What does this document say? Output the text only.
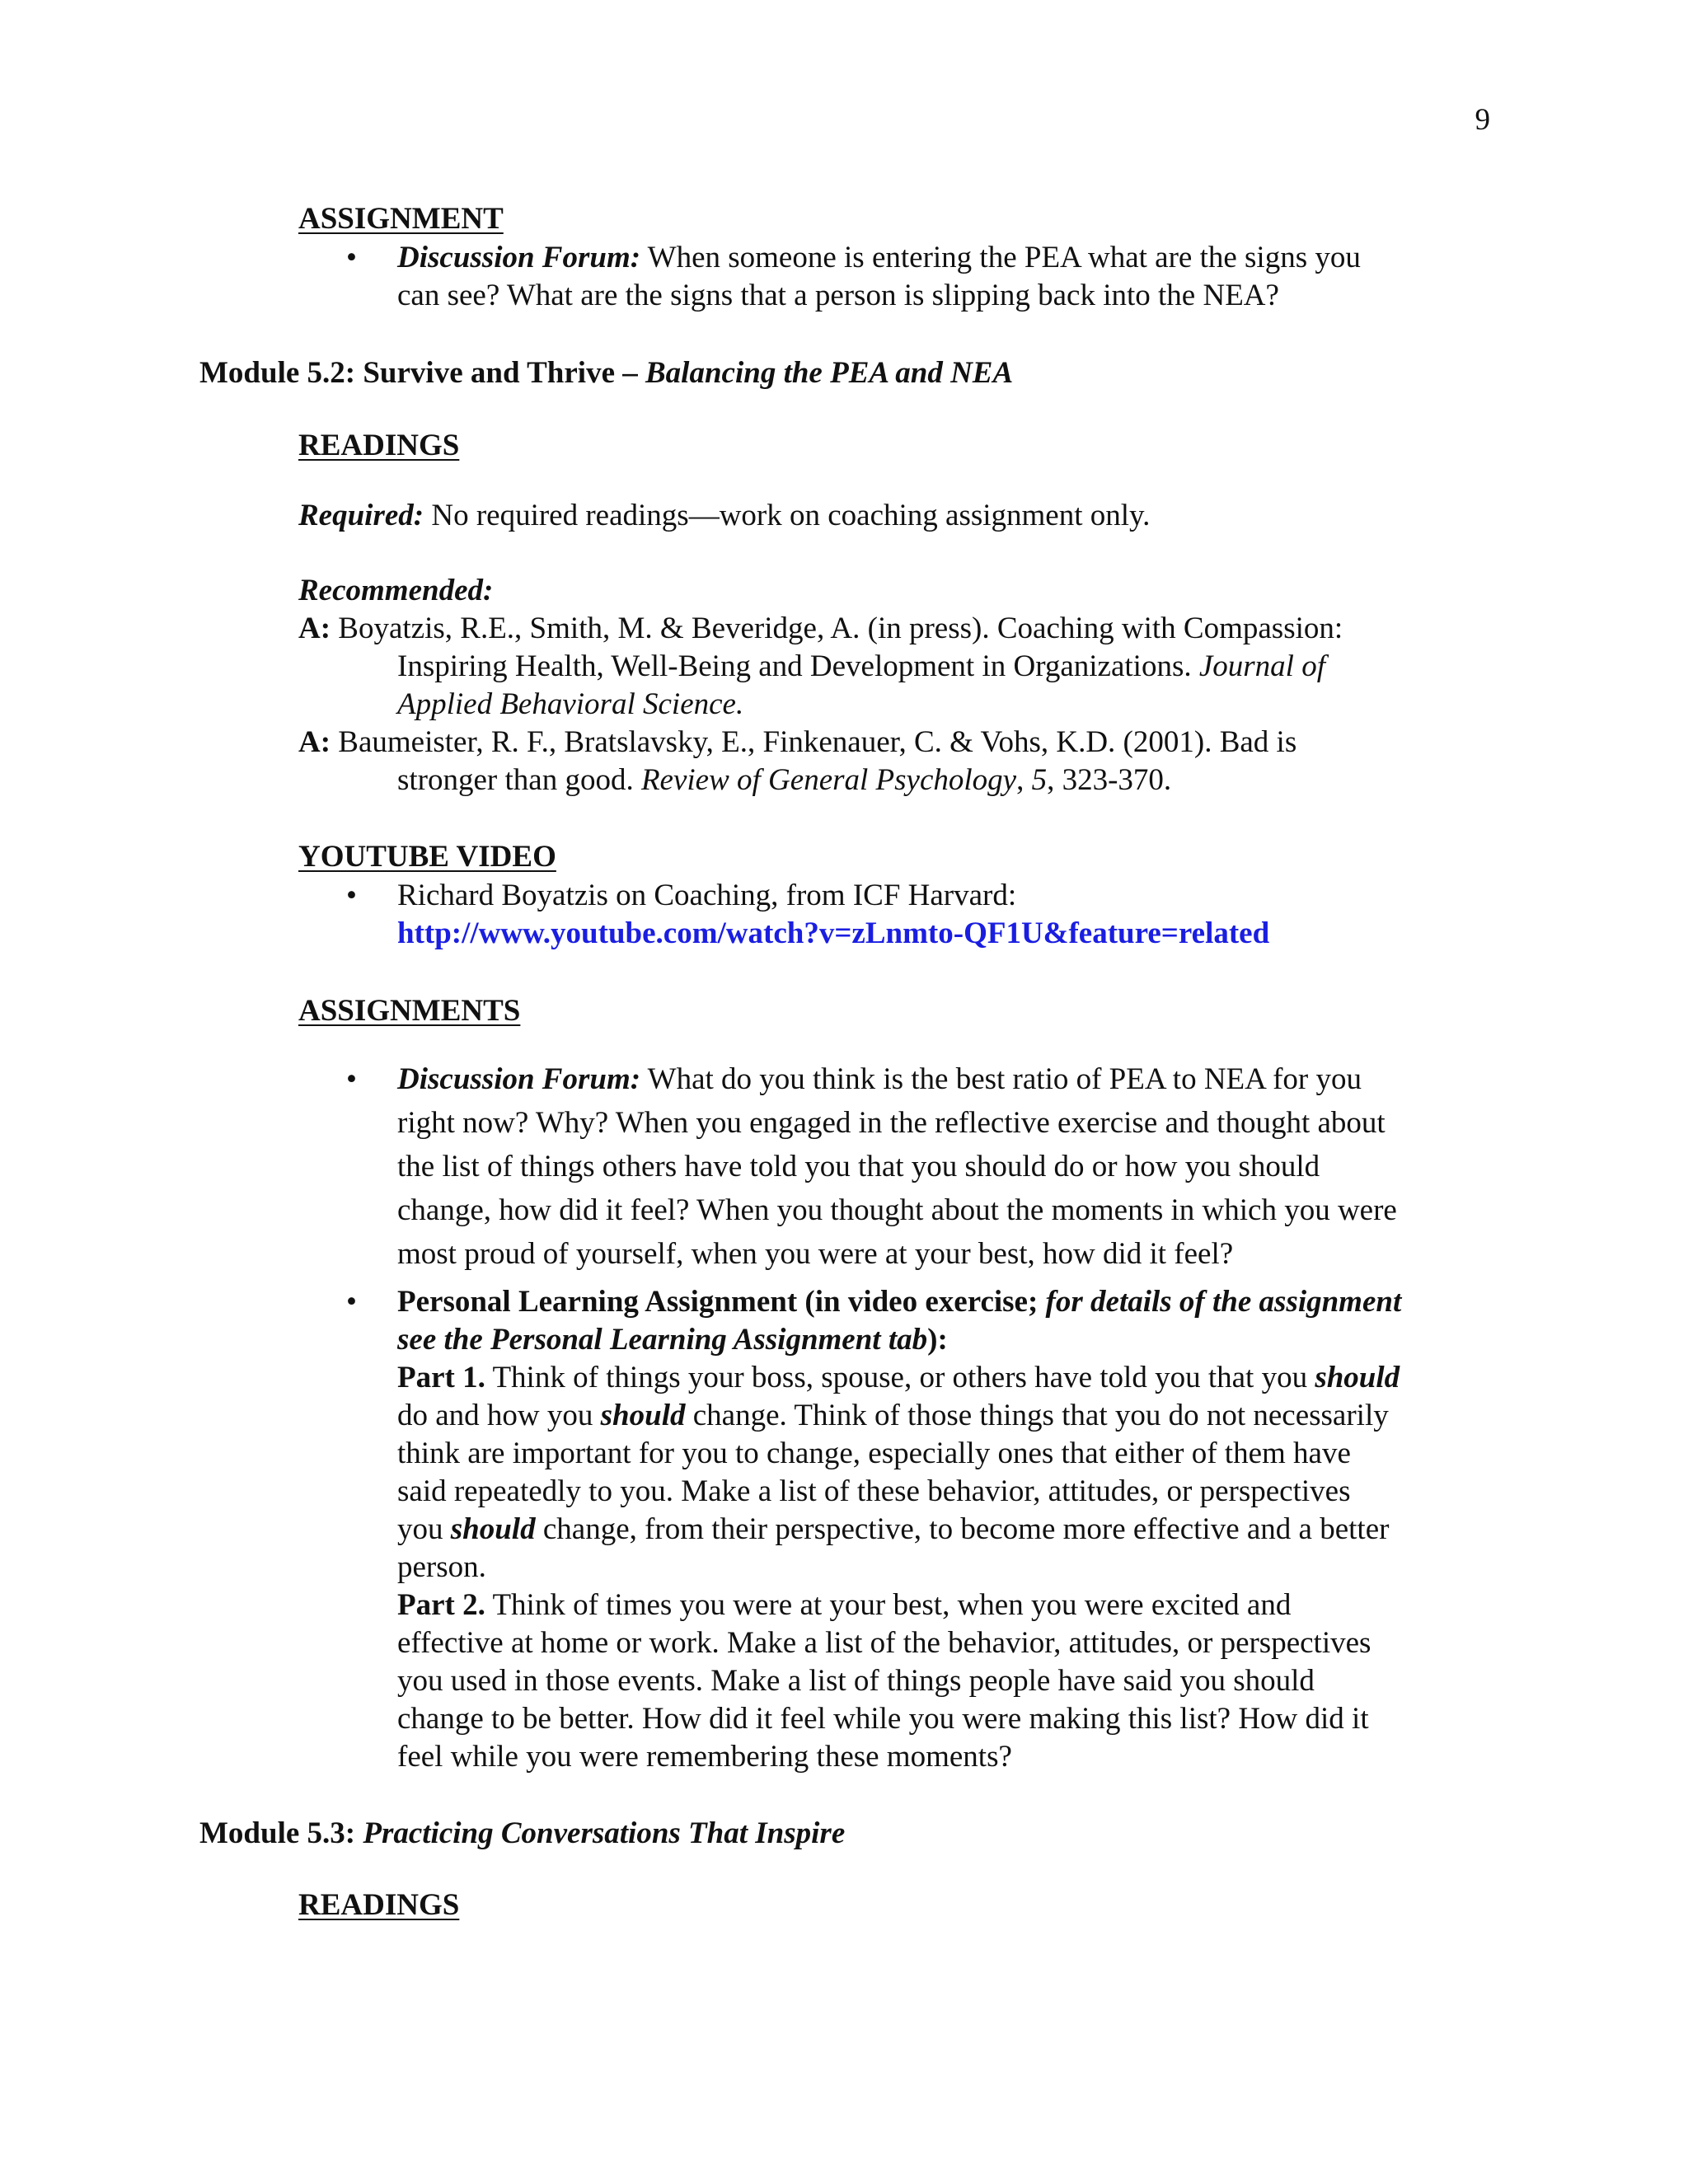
9
ASSIGNMENT
• Discussion Forum: When someone is entering the PEA what are the signs you
can see? What are the signs that a person is slipping back into the NEA?
Module 5.2: Survive and Thrive – Balancing the PEA and NEA
READINGS
Required: No required readings—work on coaching assignment only.
Recommended:
A: Boyatzis, R.E., Smith, M. & Beveridge, A. (in press). Coaching with Compassion:
Inspiring Health, Well-Being and Development in Organizations. Journal of
Applied Behavioral Science.
A: Baumeister, R. F., Bratslavsky, E., Finkenauer, C. & Vohs, K.D. (2001). Bad is
stronger than good. Review of General Psychology, 5, 323-370.
YOUTUBE VIDEO
• Richard Boyatzis on Coaching, from ICF Harvard:
http://www.youtube.com/watch?v=zLnmto-QF1U&feature=related
ASSIGNMENTS
• Discussion Forum: What do you think is the best ratio of PEA to NEA for you
right now? Why? When you engaged in the reflective exercise and thought about
the list of things others have told you that you should do or how you should
change, how did it feel? When you thought about the moments in which you were
most proud of yourself, when you were at your best, how did it feel?
• Personal Learning Assignment (in video exercise; for details of the assignment
see the Personal Learning Assignment tab):
Part 1. Think of things your boss, spouse, or others have told you that you should
do and how you should change. Think of those things that you do not necessarily
think are important for you to change, especially ones that either of them have
said repeatedly to you. Make a list of these behavior, attitudes, or perspectives
you should change, from their perspective, to become more effective and a better
person.
Part 2. Think of times you were at your best, when you were excited and
effective at home or work. Make a list of the behavior, attitudes, or perspectives
you used in those events. Make a list of things people have said you should
change to be better. How did it feel while you were making this list? How did it
feel while you were remembering these moments?
Module 5.3: Practicing Conversations That Inspire
READINGS
